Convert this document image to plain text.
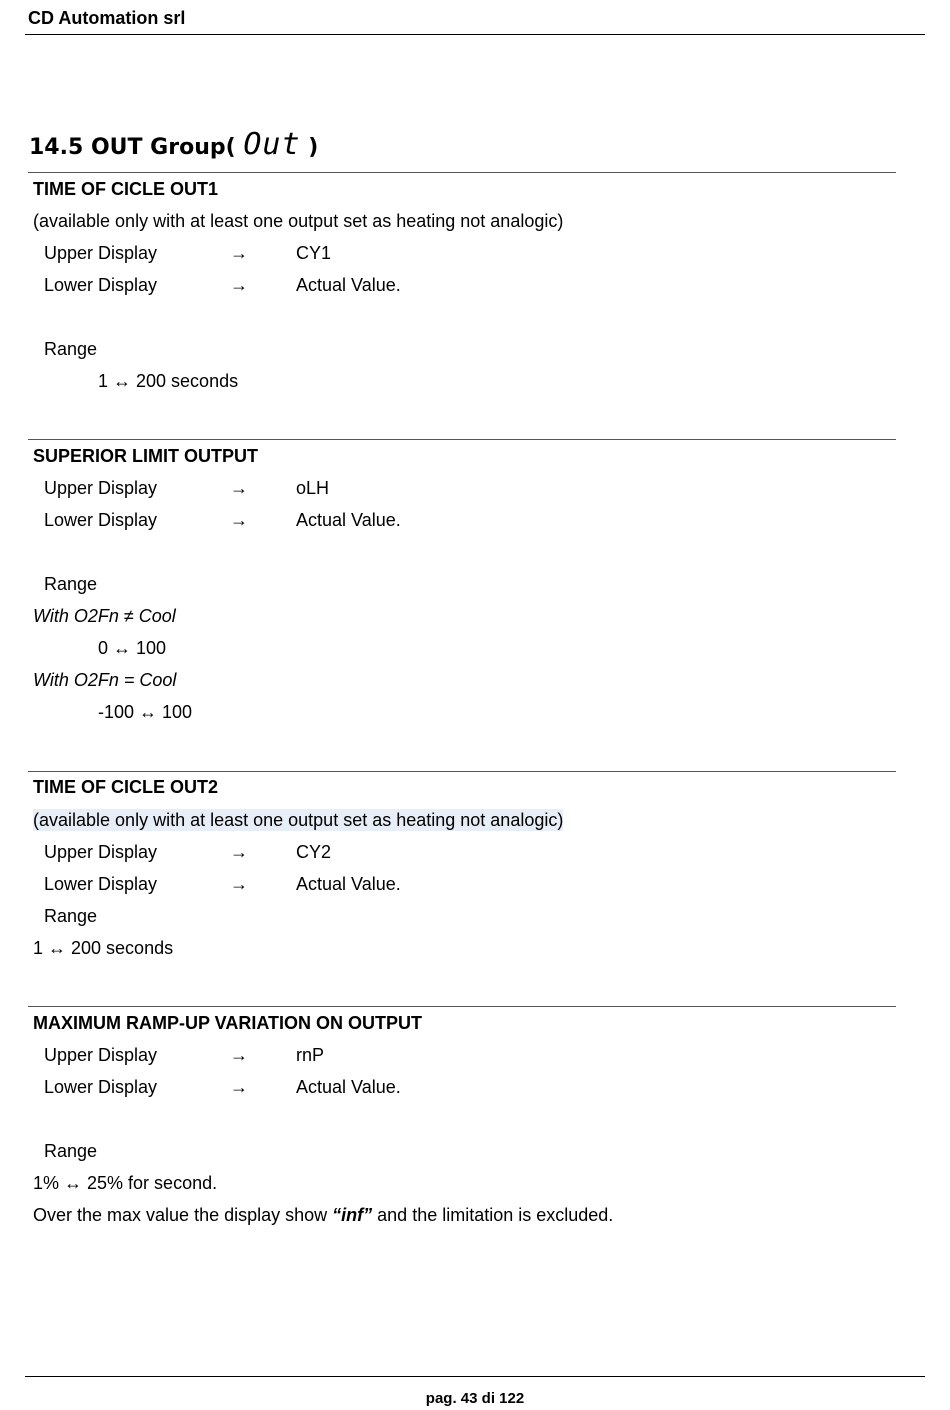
CD Automation srl
14.5 OUT Group( Out )
TIME OF CICLE OUT1
(available only with at least one output set as heating not analogic)
Upper Display	→	CY1
Lower Display	→	Actual Value.
Range
1 ↔ 200 seconds
SUPERIOR LIMIT OUTPUT
Upper Display	→	oLH
Lower Display	→	Actual Value.
Range
With O2Fn ≠ Cool
0 ↔ 100
With O2Fn = Cool
-100 ↔ 100
TIME OF CICLE OUT2
(available only with at least one output set as heating not analogic)
Upper Display	→	CY2
Lower Display	→	Actual Value.
Range
1 ↔ 200 seconds
MAXIMUM RAMP-UP VARIATION ON OUTPUT
Upper Display	→	rnP
Lower Display	→	Actual Value.
Range
1% ↔ 25% for second.
Over the max value the display show “inf” and the limitation is excluded.
pag. 43 di 122
